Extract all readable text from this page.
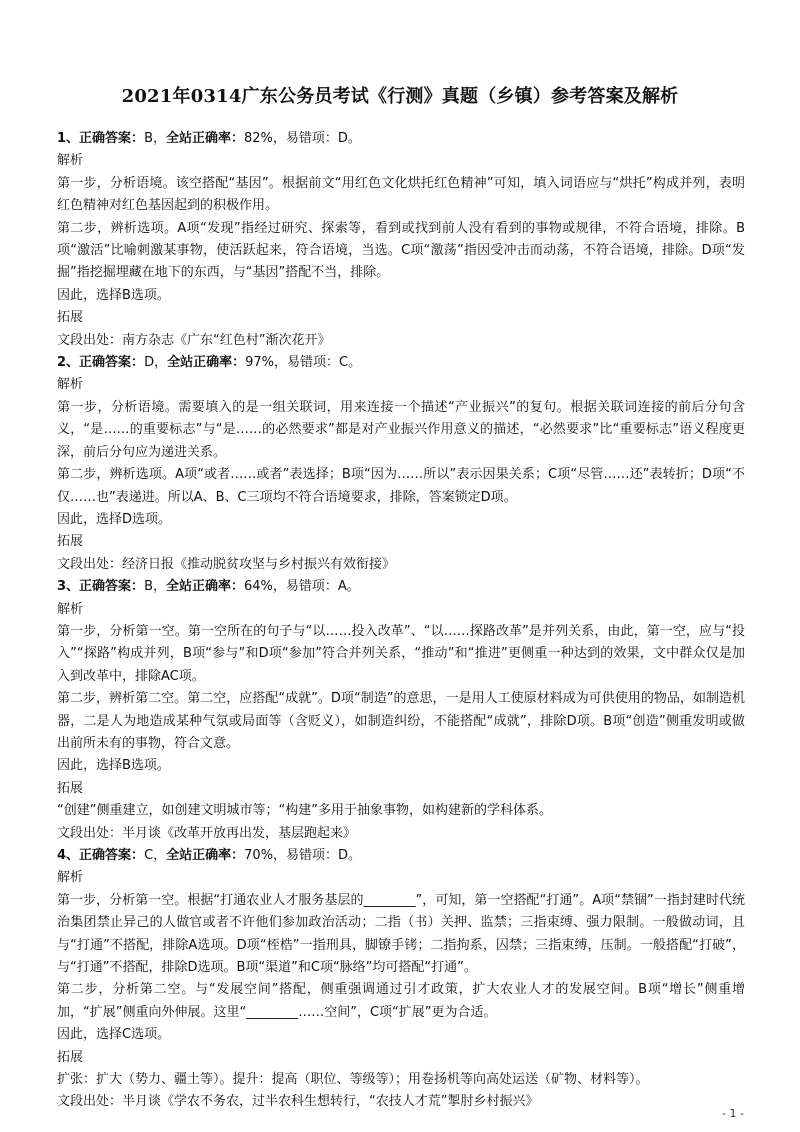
2021年0314广东公务员考试《行测》真题（乡镇）参考答案及解析
1、正确答案：B，全站正确率：82%，易错项：D。
解析
第一步，分析语境。该空搭配“基因”。根据前文“用红色文化烘托红色精神”可知，填入词语应与“烘托”构成并列，表明红色精神对红色基因起到的积极作用。
第二步，辨析选项。A项“发现”指经过研究、探索等，看到或找到前人没有看到的事物或规律，不符合语境，排除。B项“激活”比喻刺激某事物，使活跃起来，符合语境，当选。C项“激荡”指因受冲击而动荡，不符合语境，排除。D项“发掘”指挖掘埋藏在地下的东西，与“基因”搭配不当，排除。
因此，选择B选项。
拓展
文段出处：南方杂志《广东“红色村”渐次花开》
2、正确答案：D，全站正确率：97%，易错项：C。
解析
第一步，分析语境。需要填入的是一组关联词，用来连接一个描述“产业振兴”的复句。根据关联词连接的前后分句含义，“是……的重要标志”与“是……的必然要求”都是对产业振兴作用意义的描述，“必然要求”比“重要标志”语义程度更深，前后分句应为递进关系。
第二步，辨析选项。A项“或者……或者”表选择；B项“因为……所以”表示因果关系；C项“尽管……还”表转折；D项“不仅……也”表递进。所以A、B、C三项均不符合语境要求，排除，答案锁定D项。
因此，选择D选项。
拓展
文段出处：经济日报《推动脱贫攻坚与乡村振兴有效衔接》
3、正确答案：B，全站正确率：64%，易错项：A。
解析
第一步，分析第一空。第一空所在的句子与“以……投入改革”、“以……探路改革”是并列关系，由此，第一空，应与“投入”“探路”构成并列，B项“参与”和D项“参加”符合并列关系，“推动”和“推进”更侧重一种达到的效果，文中群众仅是加入到改革中，排除AC项。
第二步，辨析第二空。第二空，应搭配“成就”。D项“制造”的意思，一是用人工使原材料成为可供使用的物品，如制造机器，二是人为地造成某种气氛或局面等（含贬义），如制造纠纷，不能搭配“成就”，排除D项。B项“创造”侧重发明或做出前所未有的事物，符合文意。
因此，选择B选项。
拓展
“创建”侧重建立，如创建文明城市等；“构建”多用于抽象事物，如构建新的学科体系。
文段出处：半月谈《改革开放再出发，基层跑起来》
4、正确答案：C，全站正确率：70%，易错项：D。
解析
第一步，分析第一空。根据“打通农业人才服务基层的________”，可知，第一空搭配“打通”。A项“禁锢”一指封建时代统治集团禁止异己的人做官或者不许他们参加政治活动；二指（书）关押、监禁；三指束缚、强力限制。一般做动词，且与“打通”不搭配，排除A选项。D项“桎梏”一指刑具，脚镣手铐；二指拘系，囚禁；三指束缚，压制。一般搭配“打破”，与“打通”不搭配，排除D选项。B项“渠道”和C项“脉络”均可搭配“打通”。
第二步，分析第二空。与“发展空间”搭配，侧重强调通过引才政策，扩大农业人才的发展空间。B项“增长”侧重增加，“扩展”侧重向外伸展。这里“________……空间”，C项“扩展”更为合适。
因此，选择C选项。
拓展
扩张：扩大（势力、疆土等）。提升：提高（职位、等级等）；用卷扬机等向高处运送（矿物、材料等）。
文段出处：半月谈《学农不务农，过半农科生想转行，“农技人才荒”掣肘乡村振兴》
- 1 -
